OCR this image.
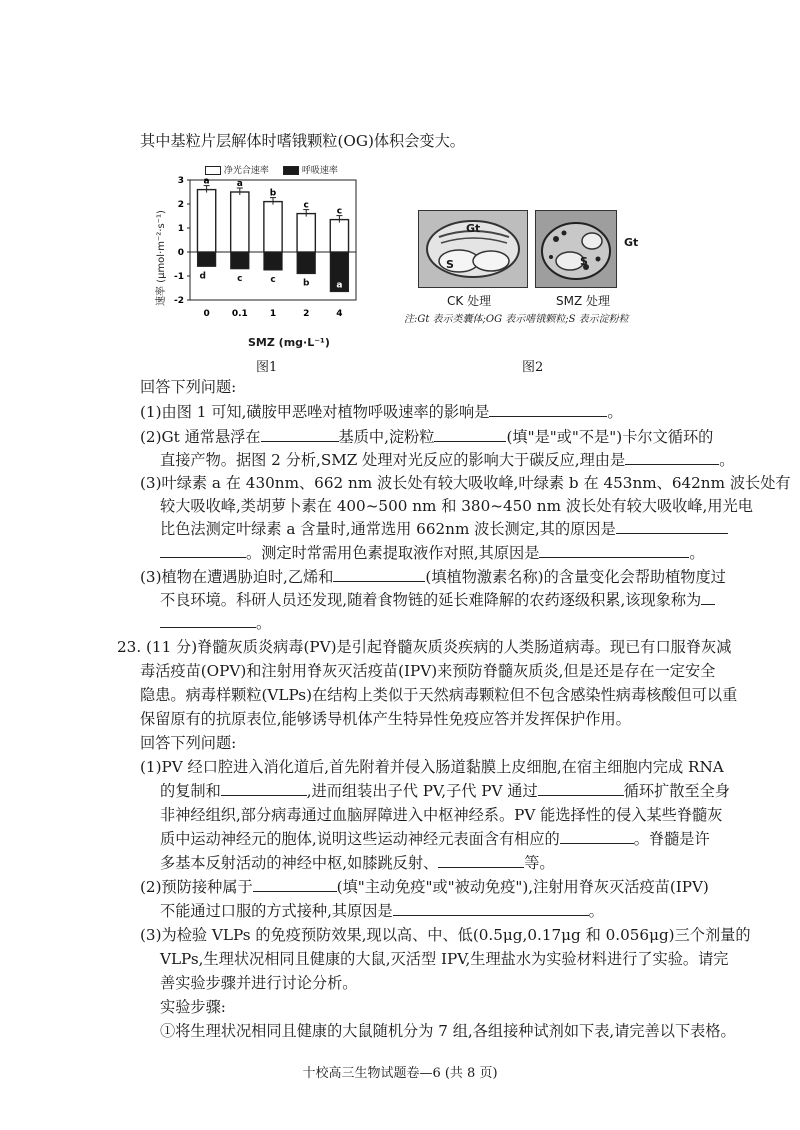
其中基粒片层解体时嗜锇颗粒(OG)体积会变大。
3
2
1
0
-1
-2
a
d
0
a
c
0.1
b
c
1
c
b
2
c
a
4
净光合速率	呼吸速率
SMZ (mg·L⁻¹)
速率 (μmol·m⁻²·s⁻¹)
图1
Gt
S
Gt
S
CK 处理	SMZ 处理
注:Gt 表示类囊体;OG 表示嗜锇颗粒;S 表示淀粉粒
图2
回答下列问题:
(1)由图 1 可知,磺胺甲恶唑对植物呼吸速率的影响是	。
(2)Gt 通常悬浮在	基质中,淀粉粒	(填"是"或"不是")卡尔文循环的
直接产物。据图 2 分析,SMZ 处理对光反应的影响大于碳反应,理由是	。
(3)叶绿素 a 在 430nm、662 nm 波长处有较大吸收峰,叶绿素 b 在 453nm、642nm 波长处有
较大吸收峰,类胡萝卜素在 400~500 nm 和 380~450 nm 波长处有较大吸收峰,用光电
比色法测定叶绿素 a 含量时,通常选用 662nm 波长测定,其的原因是
。测定时常需用色素提取液作对照,其原因是	。
(3)植物在遭遇胁迫时,乙烯和	(填植物激素名称)的含量变化会帮助植物度过
不良环境。科研人员还发现,随着食物链的延长难降解的农药逐级积累,该现象称为
。
23. (11 分)脊髓灰质炎病毒(PV)是引起脊髓灰质炎疾病的人类肠道病毒。现已有口服脊灰减
毒活疫苗(OPV)和注射用脊灰灭活疫苗(IPV)来预防脊髓灰质炎,但是还是存在一定安全
隐患。病毒样颗粒(VLPs)在结构上类似于天然病毒颗粒但不包含感染性病毒核酸但可以重
保留原有的抗原表位,能够诱导机体产生特异性免疫应答并发挥保护作用。
回答下列问题:
(1)PV 经口腔进入消化道后,首先附着并侵入肠道黏膜上皮细胞,在宿主细胞内完成 RNA
的复制和	,进而组装出子代 PV,子代 PV 通过	循环扩散至全身
非神经组织,部分病毒通过血脑屏障进入中枢神经系。PV 能选择性的侵入某些脊髓灰
质中运动神经元的胞体,说明这些运动神经元表面含有相应的	。脊髓是许
多基本反射活动的神经中枢,如膝跳反射、	等。
(2)预防接种属于	(填"主动免疫"或"被动免疫"),注射用脊灰灭活疫苗(IPV)
不能通过口服的方式接种,其原因是	。
(3)为检验 VLPs 的免疫预防效果,现以高、中、低(0.5μg,0.17μg 和 0.056μg)三个剂量的
VLPs,生理状况相同且健康的大鼠,灭活型 IPV,生理盐水为实验材料进行了实验。请完
善实验步骤并进行讨论分析。
实验步骤:
①将生理状况相同且健康的大鼠随机分为 7 组,各组接种试剂如下表,请完善以下表格。
十校高三生物试题卷—6 (共 8 页)
